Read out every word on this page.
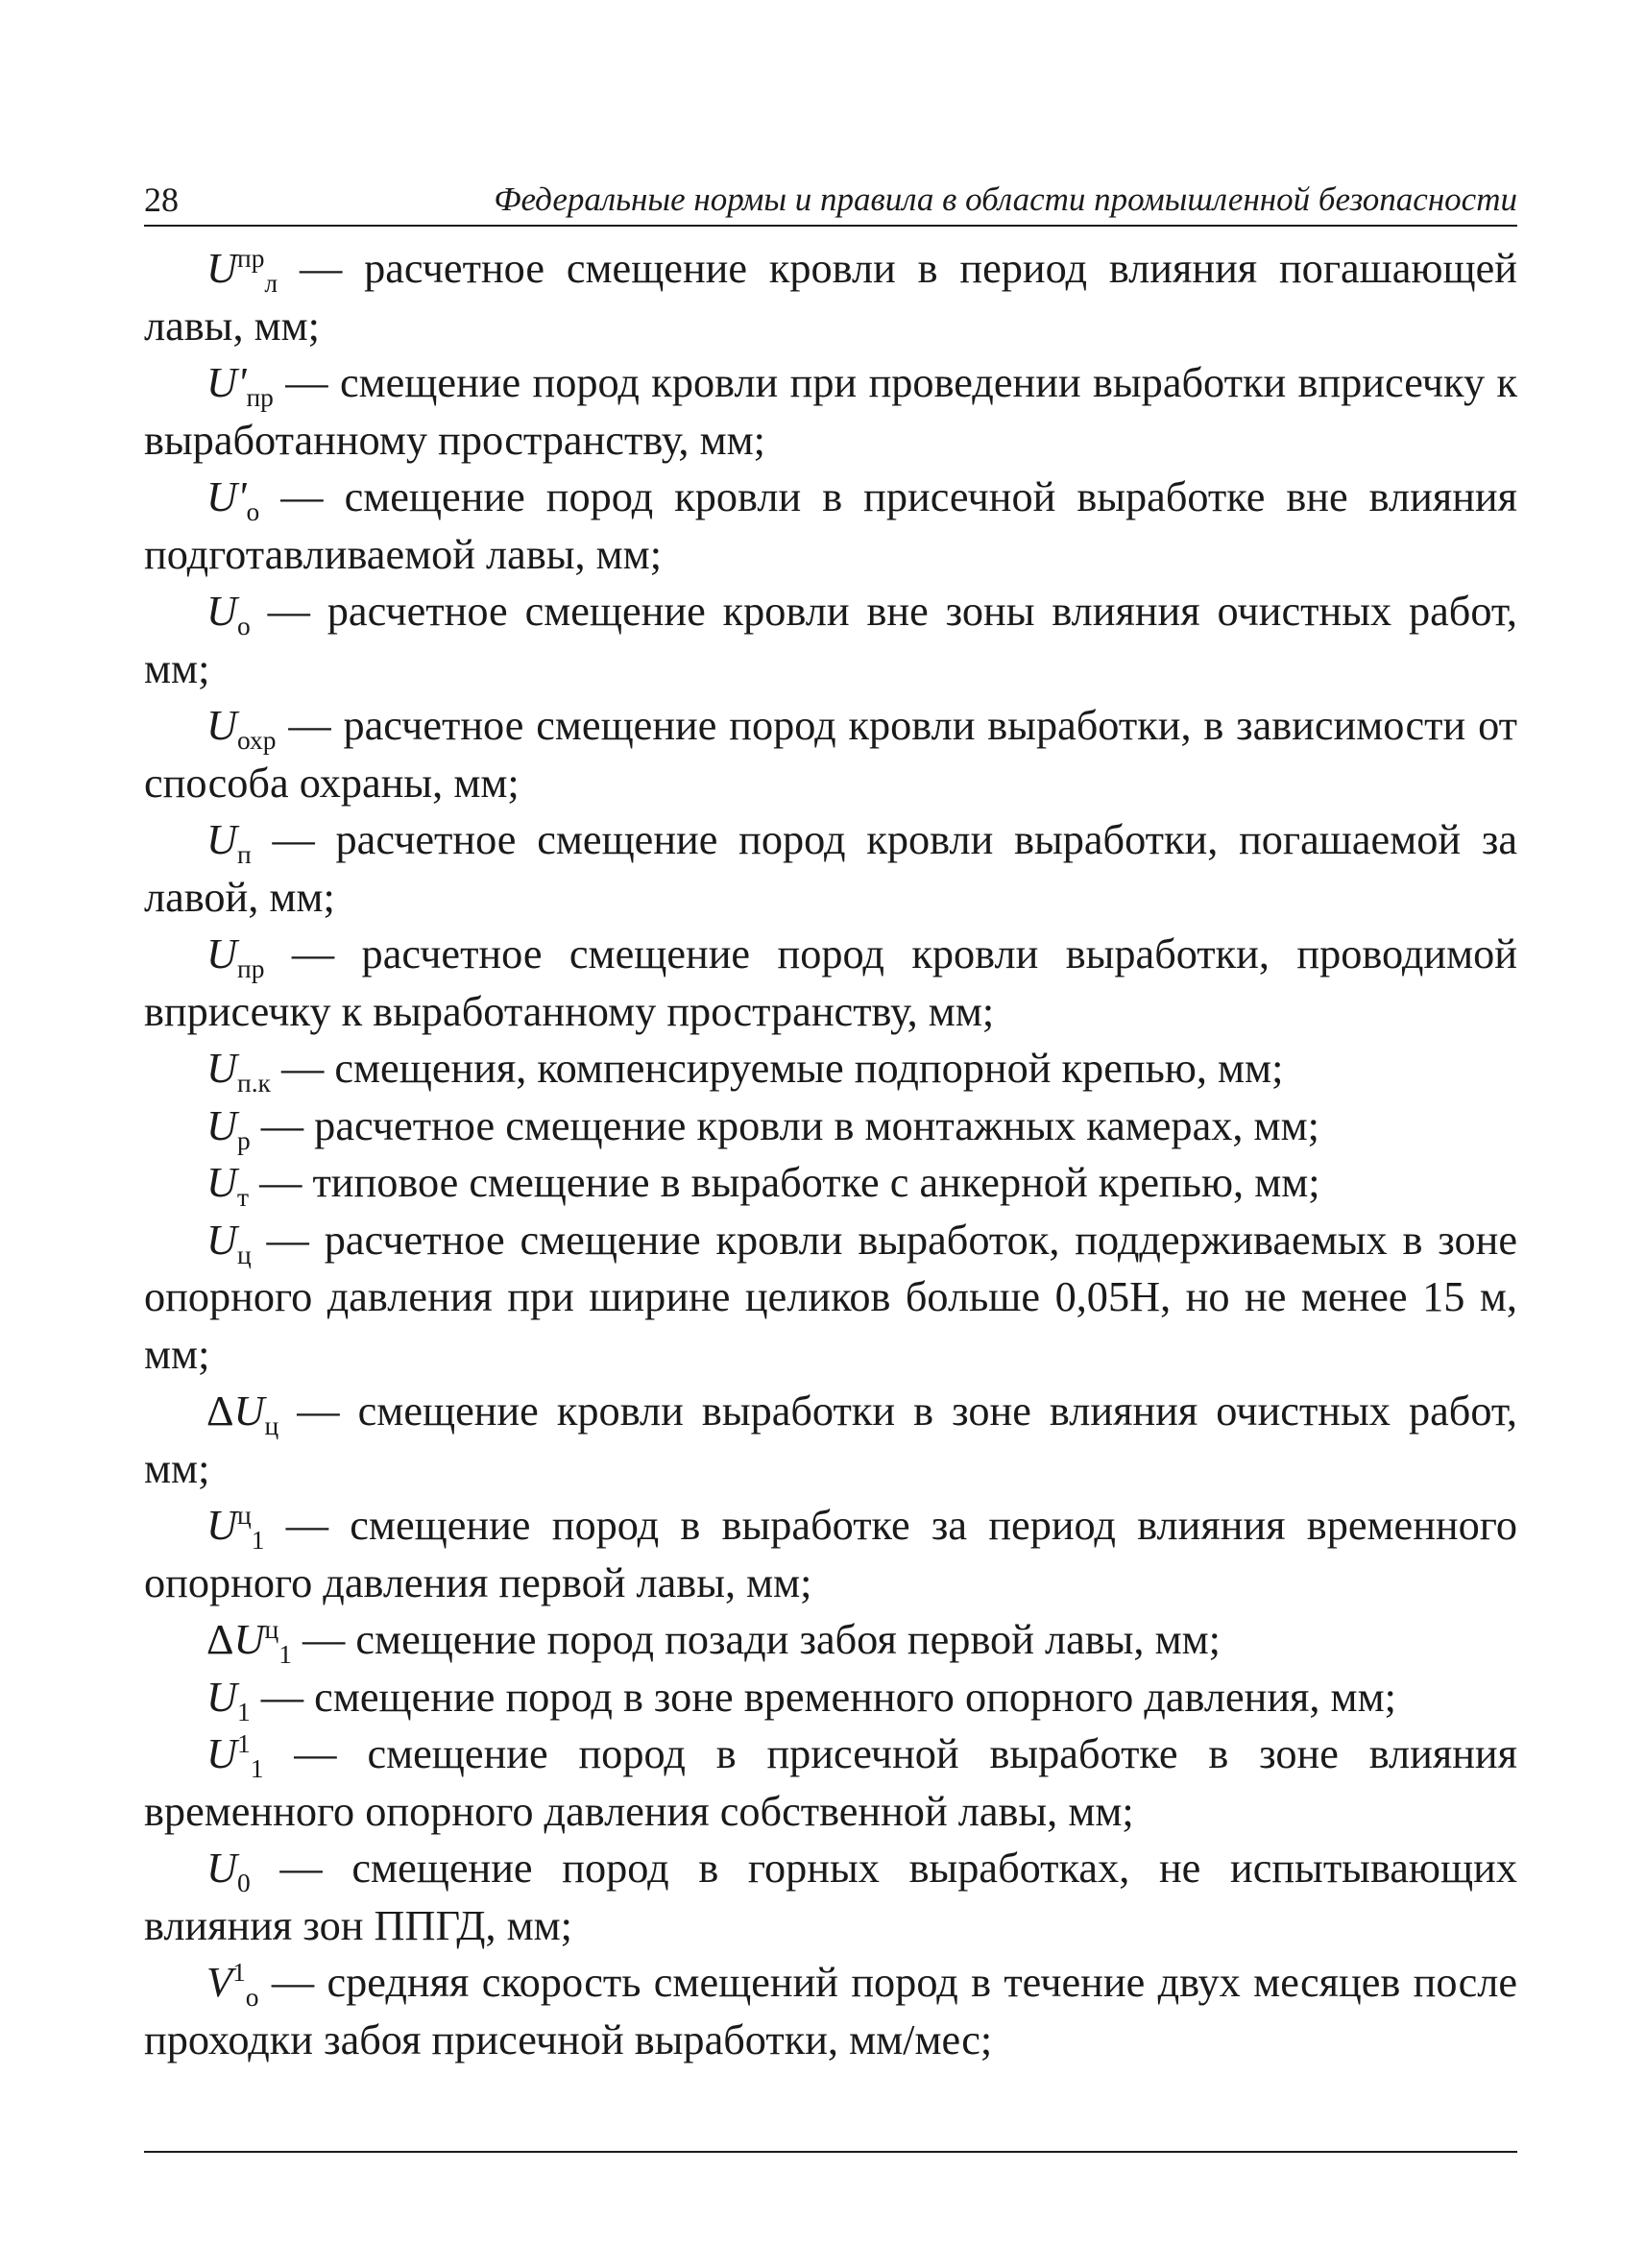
28	Федеральные нормы и правила в области промышленной безопасности

$U^{пр}_л$ — расчетное смещение кровли в период влияния погашающей лавы, мм;

$U'_{пр}$ — смещение пород кровли при проведении выработки вприсечку к выработанному пространству, мм;

$U'_о$ — смещение пород кровли в присечной выработке вне влияния подготавливаемой лавы, мм;

$U_о$ — расчетное смещение кровли вне зоны влияния очистных работ, мм;

$U_{охр}$ — расчетное смещение пород кровли выработки, в зависимости от способа охраны, мм;

$U_п$ — расчетное смещение пород кровли выработки, погашаемой за лавой, мм;

$U_{пр}$ — расчетное смещение пород кровли выработки, проводимой вприсечку к выработанному пространству, мм;

$U_{п.к}$ — смещения, компенсируемые подпорной крепью, мм;

$U_р$ — расчетное смещение кровли в монтажных камерах, мм;

$U_т$ — типовое смещение в выработке с анкерной крепью, мм;

$U_ц$ — расчетное смещение кровли выработок, поддерживаемых в зоне опорного давления при ширине целиков больше 0,05H, но не менее 15 м, мм;

$\Delta U_ц$ — смещение кровли выработки в зоне влияния очистных работ, мм;

$U^ц_1$ — смещение пород в выработке за период влияния временного опорного давления первой лавы, мм;

$\Delta U^ц_1$ — смещение пород позади забоя первой лавы, мм;

$U_1$ — смещение пород в зоне временного опорного давления, мм;

$U^1_1$ — смещение пород в присечной выработке в зоне влияния временного опорного давления собственной лавы, мм;

$U_0$ — смещение пород в горных выработках, не испытывающих влияния зон ППГД, мм;

$V^1_о$ — средняя скорость смещений пород в течение двух месяцев после проходки забоя присечной выработки, мм/мес;
